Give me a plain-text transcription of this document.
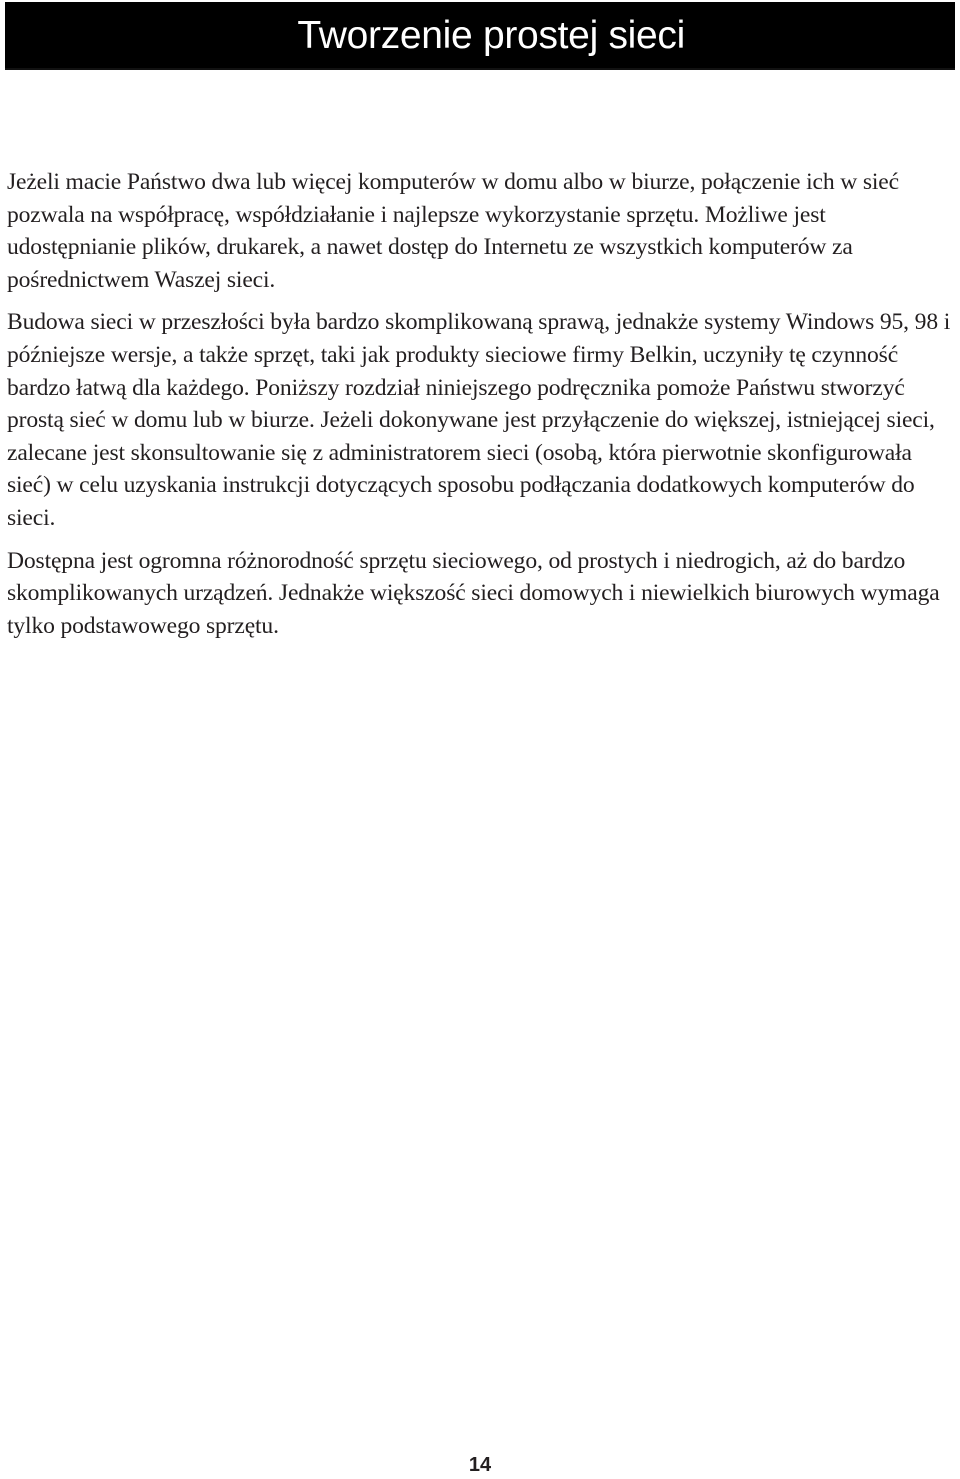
Tworzenie prostej sieci

Jeżeli macie Państwo dwa lub więcej komputerów w domu albo w biurze, połączenie ich w sieć pozwala na współpracę, współdziałanie i najlepsze wykorzystanie sprzętu. Możliwe jest udostępnianie plików, drukarek, a nawet dostęp do Internetu ze wszystkich komputerów za pośrednictwem Waszej sieci.

Budowa sieci w przeszłości była bardzo skomplikowaną sprawą, jednakże systemy Windows 95, 98 i późniejsze wersje, a także sprzęt, taki jak produkty sieciowe firmy Belkin, uczyniły tę czynność bardzo łatwą dla każdego. Poniższy rozdział niniejszego podręcznika pomoże Państwu stworzyć prostą sieć w domu lub w biurze. Jeżeli dokonywane jest przyłączenie do większej, istniejącej sieci, zalecane jest skonsultowanie się z administratorem sieci (osobą, która pierwotnie skonfigurowała sieć) w celu uzyskania instrukcji dotyczących sposobu podłączania dodatkowych komputerów do sieci.

Dostępna jest ogromna różnorodność sprzętu sieciowego, od prostych i niedrogich, aż do bardzo skomplikowanych urządzeń. Jednakże większość sieci domowych i niewielkich biurowych wymaga tylko podstawowego sprzętu.

14
